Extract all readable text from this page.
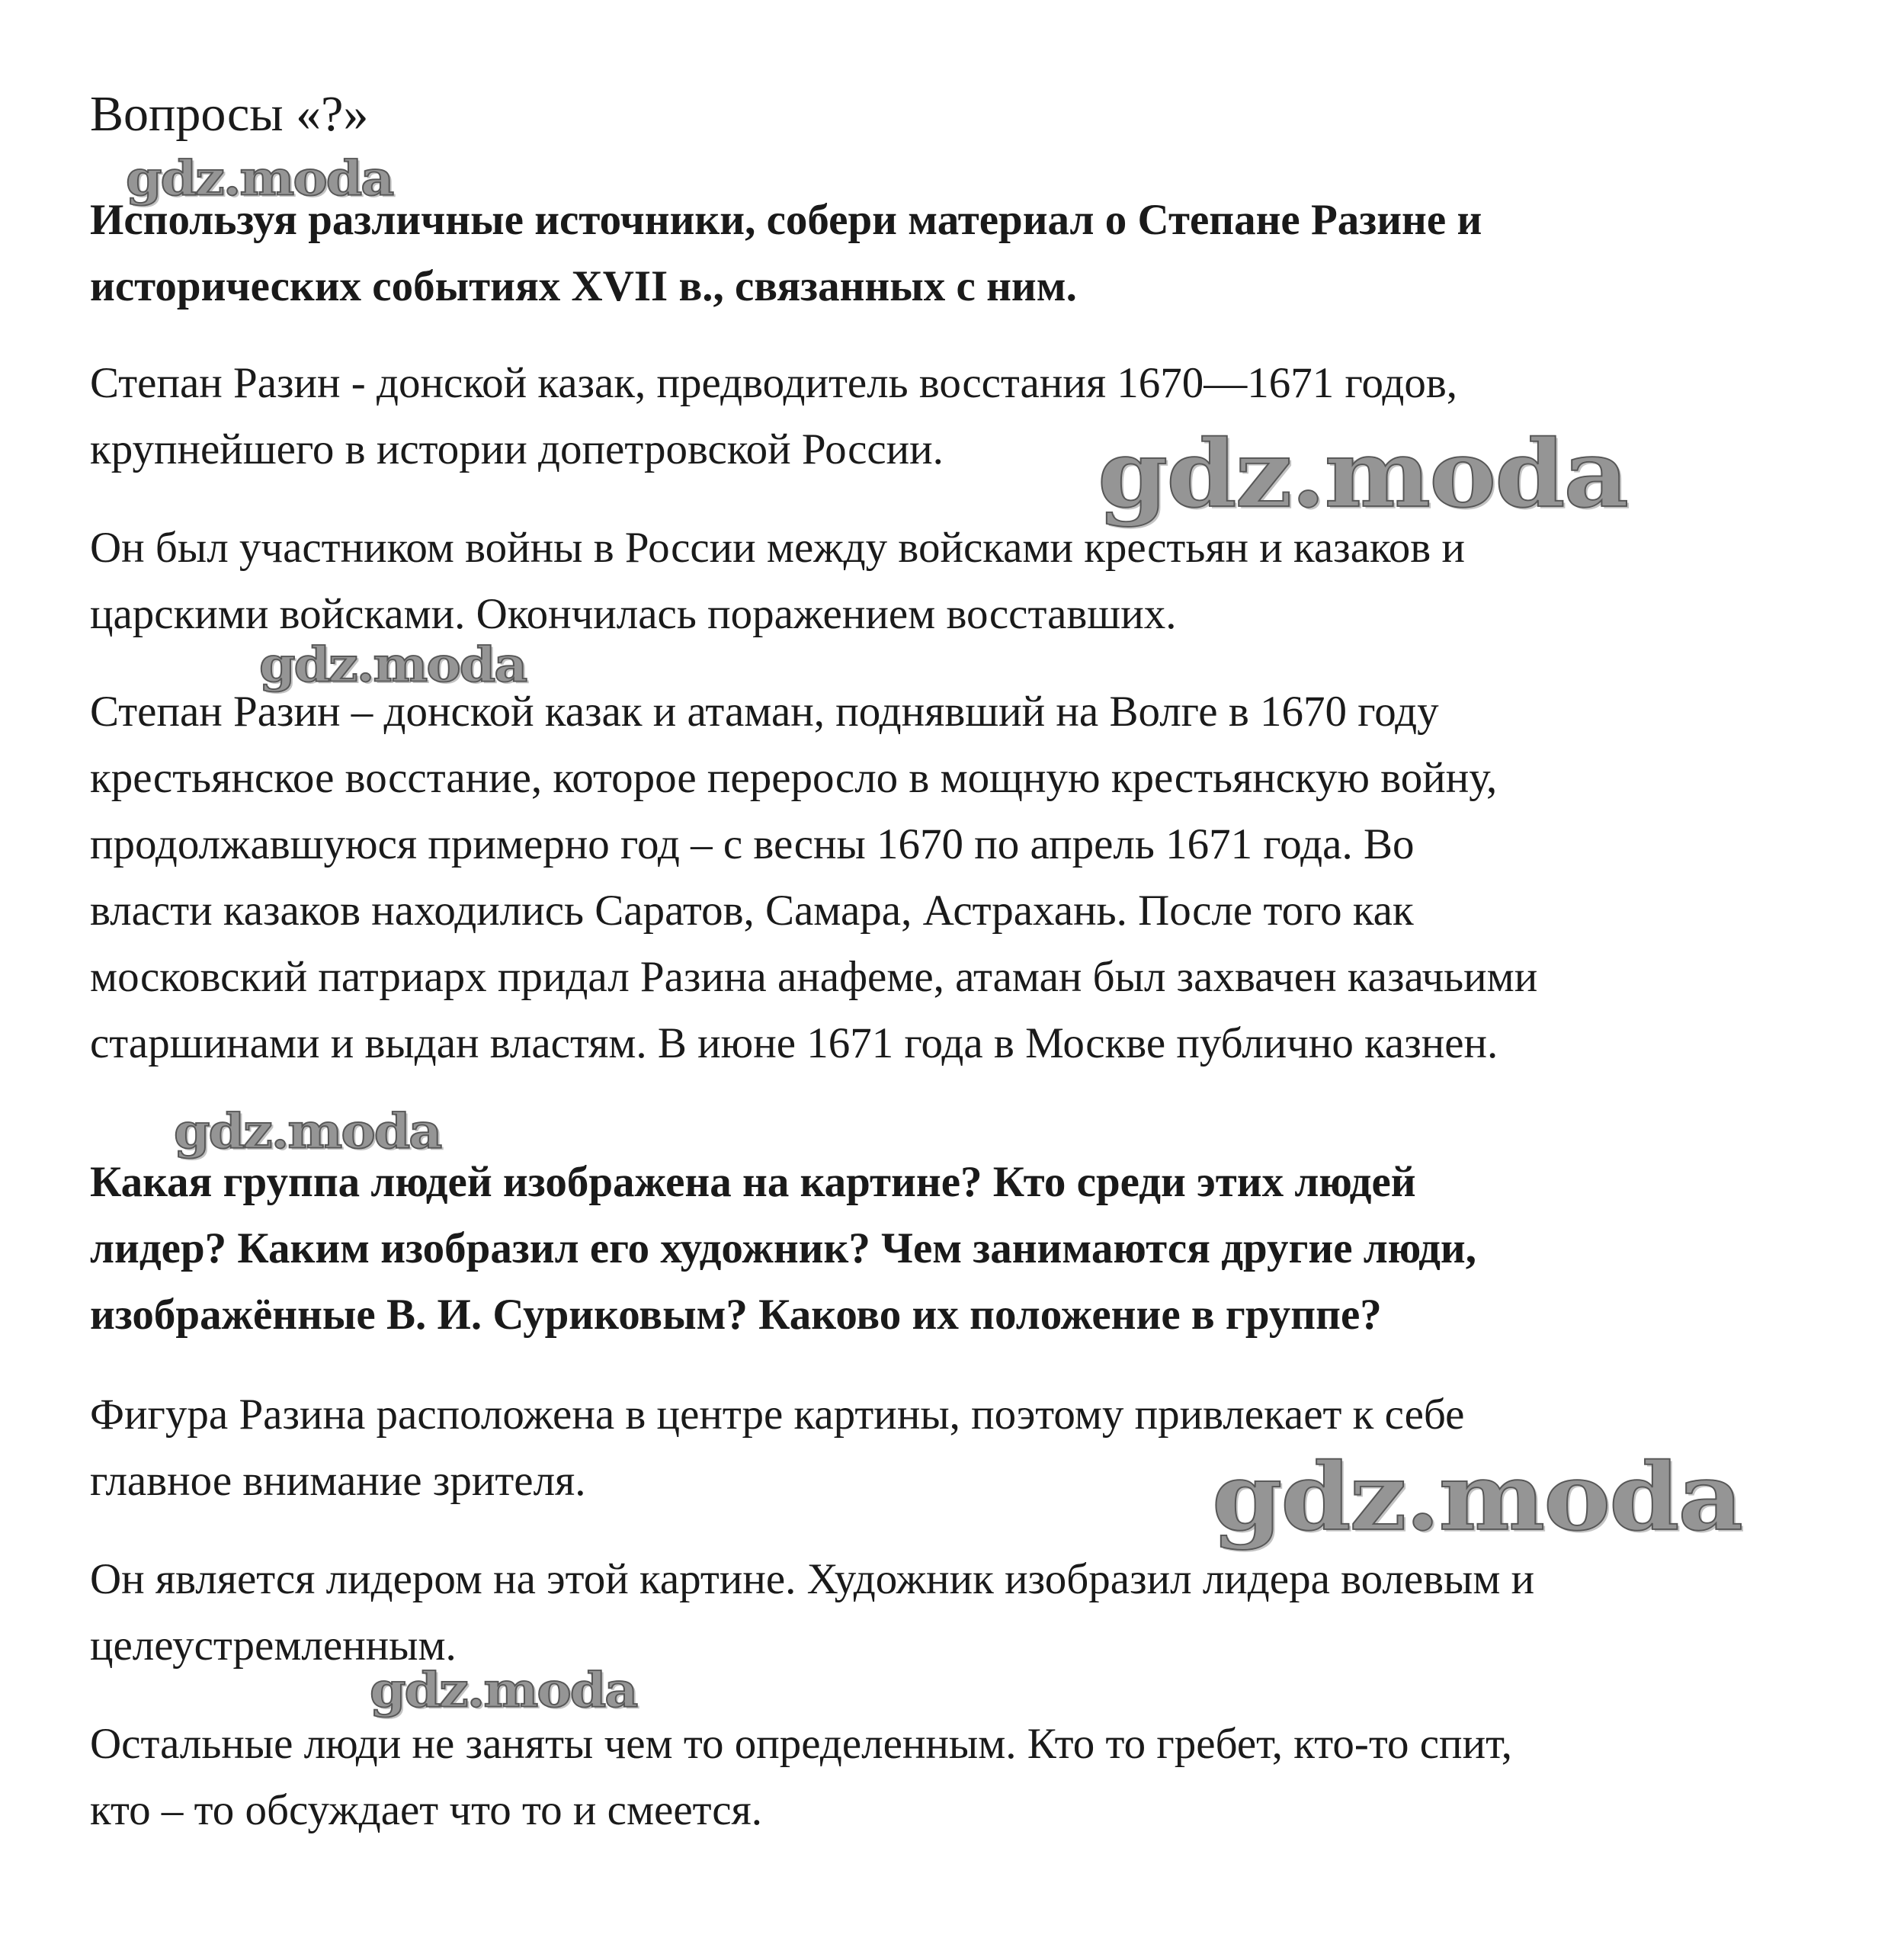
Вопросы «?»
Используя различные источники, собери материал о Степане Разине и
исторических событиях XVII в., связанных с ним.
Степан Разин - донской казак, предводитель восстания 1670—1671 годов,
крупнейшего в истории допетровской России.
Он был участником войны в России между войсками крестьян и казаков и
царскими войсками. Окончилась поражением восставших.
Степан Разин – донской казак и атаман, поднявший на Волге в 1670 году
крестьянское восстание, которое переросло в мощную крестьянскую войну,
продолжавшуюся примерно год – с весны 1670 по апрель 1671 года. Во
власти казаков находились Саратов, Самара, Астрахань. После того как
московский патриарх придал Разина анафеме, атаман был захвачен казачьими
старшинами и выдан властям. В июне 1671 года в Москве публично казнен.
Какая группа людей изображена на картине? Кто среди этих людей
лидер? Каким изобразил его художник? Чем занимаются другие люди,
изображённые В. И. Суриковым? Каково их положение в группе?
Фигура Разина расположена в центре картины, поэтому привлекает к себе
главное внимание зрителя.
Он является лидером на этой картине. Художник изобразил лидера волевым и
целеустремленным.
Остальные люди не заняты чем то определенным. Кто то гребет, кто-то спит,
кто – то обсуждает что то и смеется.
gdz.moda
gdz.moda
gdz.moda
gdz.moda
gdz.moda
gdz.moda
